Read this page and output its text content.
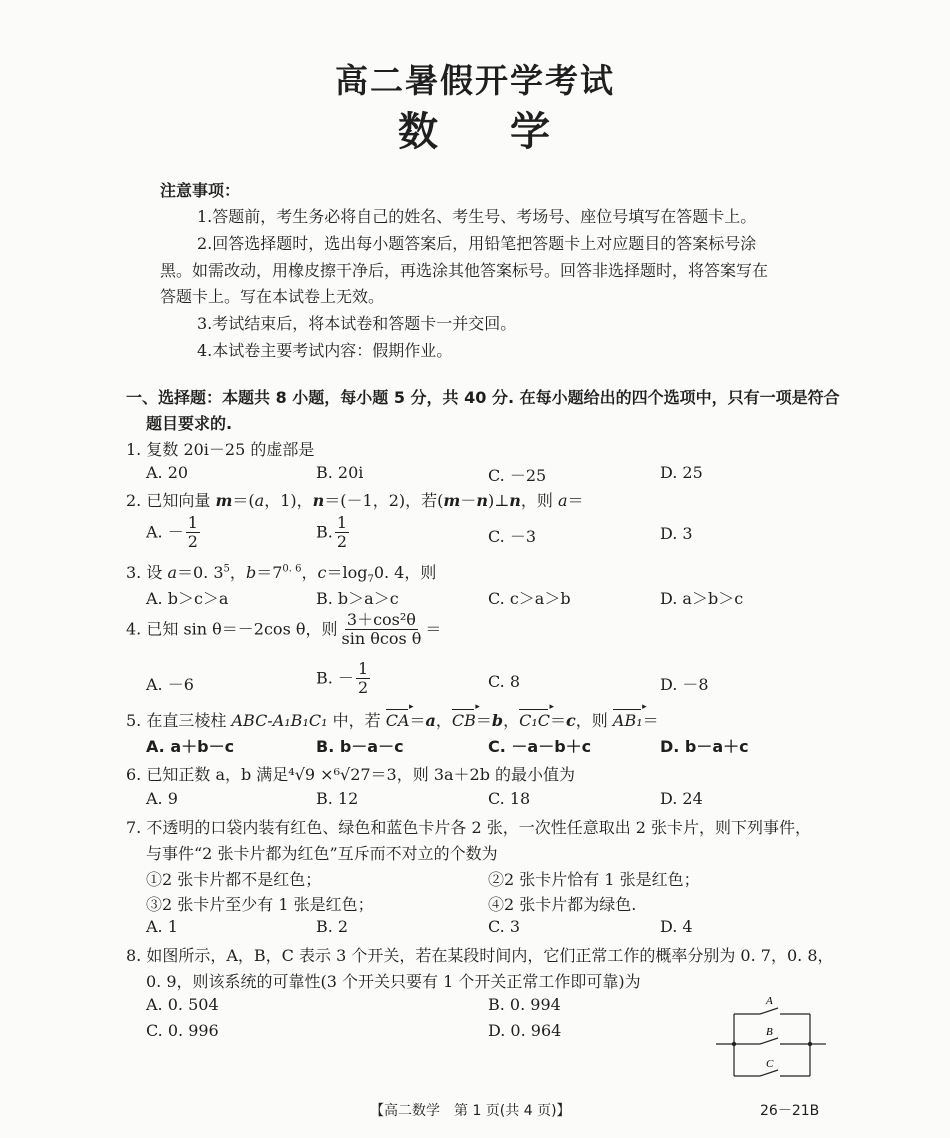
高二暑假开学考试
数 学
注意事项：
1.答题前，考生务必将自己的姓名、考生号、考场号、座位号填写在答题卡上。
2.回答选择题时，选出每小题答案后，用铅笔把答题卡上对应题目的答案标号涂
黑。如需改动，用橡皮擦干净后，再选涂其他答案标号。回答非选择题时，将答案写在
答题卡上。写在本试卷上无效。
3.考试结束后，将本试卷和答题卡一并交回。
4.本试卷主要考试内容：假期作业。
一、选择题：本题共 8 小题，每小题 5 分，共 40 分. 在每小题给出的四个选项中，只有一项是符合
题目要求的.
1. 复数 20i－25 的虚部是
A. 20	B. 20i	C. －25	D. 25
2. 已知向量 m＝(a，1)，n＝(－1，2)，若(m－n)⊥n，则 a＝
A. － $\frac{1}{2}$	B. $\frac{1}{2}$	C. －3	D. 3
3. 设 a＝0. $3^5$，$b=7^{0. 6}$，$c=\log_70$. 4，则
A. b＞c＞a	B. b＞a＞c	C. c＞a＞b	D. a＞b＞c
4. 已知 sin θ＝－2cos θ，则 $\frac{\text{3＋cos²θ}}{\text{sin θcos θ}}$ ＝
A. －6	B. － $\frac{1}{2}$	C. 8	D. －8
5. 在直三棱柱 ABC-A₁B₁C₁ 中，若 CA ▸＝a，CB ▸＝b，C₁C ▸＝c，则 AB₁ ▸＝
A. a＋b－c	B. b－a－c	C. －a－b＋c	D. b－a＋c
6. 已知正数 a，b 满足⁴√9 ×⁶√27＝3，则 3a＋2b 的最小值为
A. 9	B. 12	C. 18	D. 24
7. 不透明的口袋内装有红色、绿色和蓝色卡片各 2 张，一次性任意取出 2 张卡片，则下列事件，
与事件“2 张卡片都为红色”互斥而不对立的个数为
①2 张卡片都不是红色；	②2 张卡片恰有 1 张是红色；
③2 张卡片至少有 1 张是红色；	④2 张卡片都为绿色.
A. 1	B. 2	C. 3	D. 4
8. 如图所示，A，B，C 表示 3 个开关，若在某段时间内，它们正常工作的概率分别为 0. 7，0. 8，
0. 9，则该系统的可靠性(3 个开关只要有 1 个开关正常工作即可靠)为
A. 0. 504	B. 0. 994
C. 0. 996	D. 0. 964
A
B
C
【高二数学　第 1 页(共 4 页)】	26－21B
